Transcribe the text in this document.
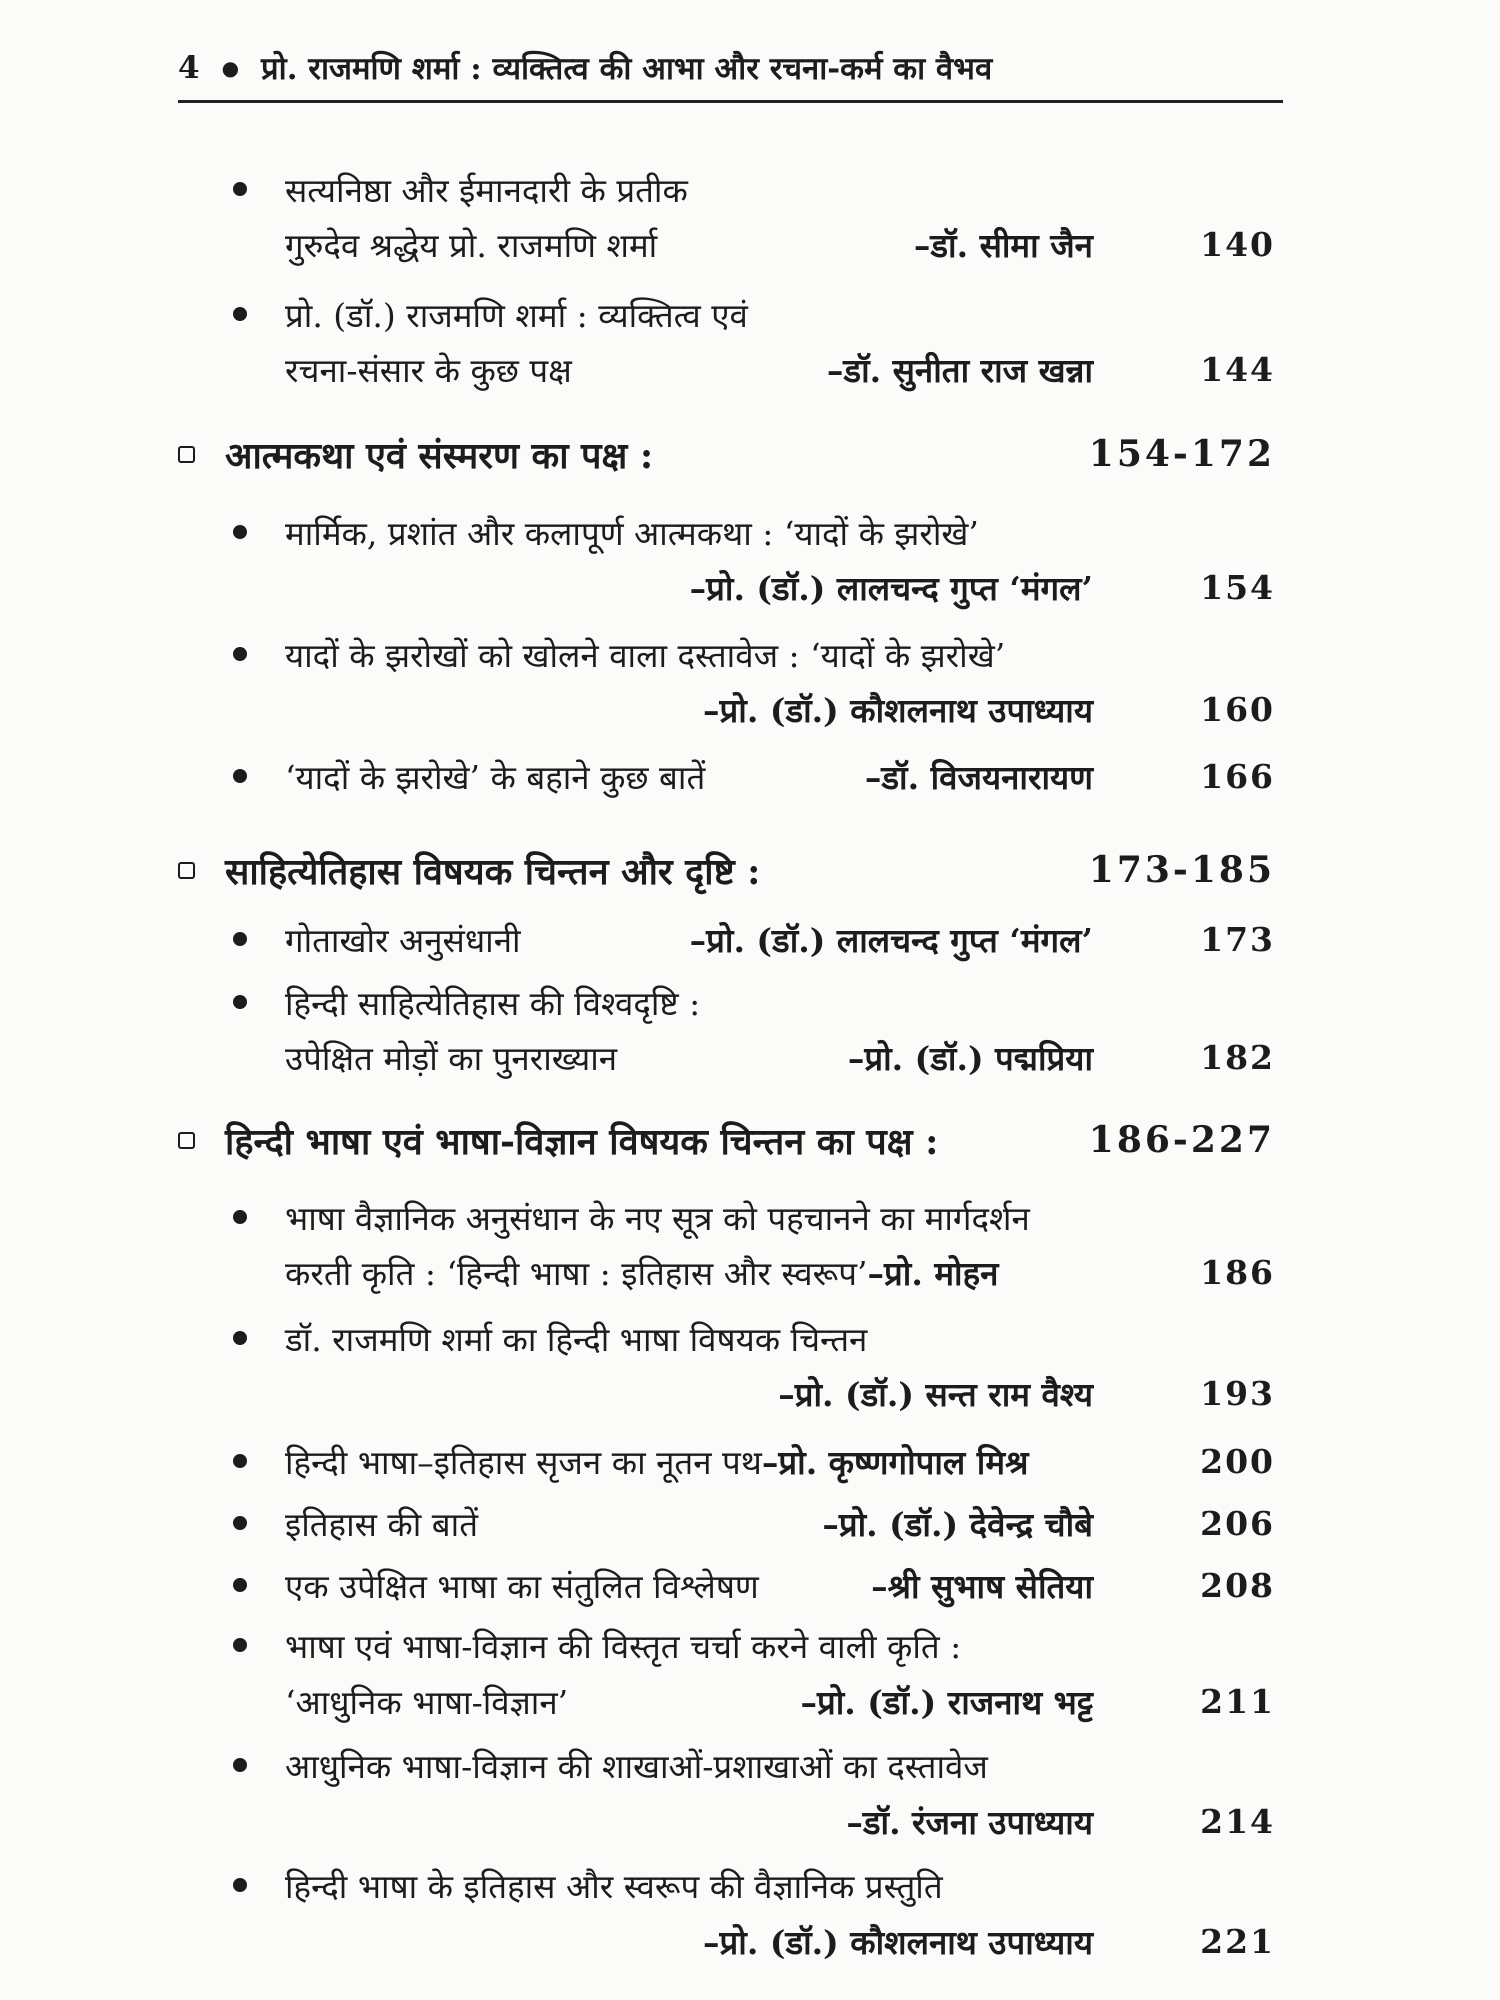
4 ● प्रो. राजमणि शर्मा : व्यक्तित्व की आभा और रचना-कर्म का वैभव
सत्यनिष्ठा और ईमानदारी के प्रतीक
गुरुदेव श्रद्धेय प्रो. राजमणि शर्मा	–डॉ. सीमा जैन	140
प्रो. (डॉ.) राजमणि शर्मा : व्यक्तित्व एवं
रचना-संसार के कुछ पक्ष	–डॉ. सुनीता राज खन्ना	144
आत्मकथा एवं संस्मरण का पक्ष :	154-172
मार्मिक, प्रशांत और कलापूर्ण आत्मकथा : ‘यादों के झरोखे’
–प्रो. (डॉ.) लालचन्द गुप्त ‘मंगल’	154
यादों के झरोखों को खोलने वाला दस्तावेज : ‘यादों के झरोखे’
–प्रो. (डॉ.) कौशलनाथ उपाध्याय	160
‘यादों के झरोखे’ के बहाने कुछ बातें	–डॉ. विजयनारायण	166
साहित्येतिहास विषयक चिन्तन और दृष्टि :	173-185
गोताखोर अनुसंधानी	–प्रो. (डॉ.) लालचन्द गुप्त ‘मंगल’	173
हिन्दी साहित्येतिहास की विश्वदृष्टि :
उपेक्षित मोड़ों का पुनराख्यान	–प्रो. (डॉ.) पद्मप्रिया	182
हिन्दी भाषा एवं भाषा-विज्ञान विषयक चिन्तन का पक्ष :	186-227
भाषा वैज्ञानिक अनुसंधान के नए सूत्र को पहचानने का मार्गदर्शन
करती कृति : ‘हिन्दी भाषा : इतिहास और स्वरूप’ –प्रो. मोहन	186
डॉ. राजमणि शर्मा का हिन्दी भाषा विषयक चिन्तन
–प्रो. (डॉ.) सन्त राम वैश्य	193
हिन्दी भाषा–इतिहास सृजन का नूतन पथ –प्रो. कृष्णगोपाल मिश्र	200
इतिहास की बातें	–प्रो. (डॉ.) देवेन्द्र चौबे	206
एक उपेक्षित भाषा का संतुलित विश्लेषण	–श्री सुभाष सेतिया	208
भाषा एवं भाषा-विज्ञान की विस्तृत चर्चा करने वाली कृति :
‘आधुनिक भाषा-विज्ञान’	–प्रो. (डॉ.) राजनाथ भट्ट	211
आधुनिक भाषा-विज्ञान की शाखाओं-प्रशाखाओं का दस्तावेज
–डॉ. रंजना उपाध्याय	214
हिन्दी भाषा के इतिहास और स्वरूप की वैज्ञानिक प्रस्तुति
–प्रो. (डॉ.) कौशलनाथ उपाध्याय	221
